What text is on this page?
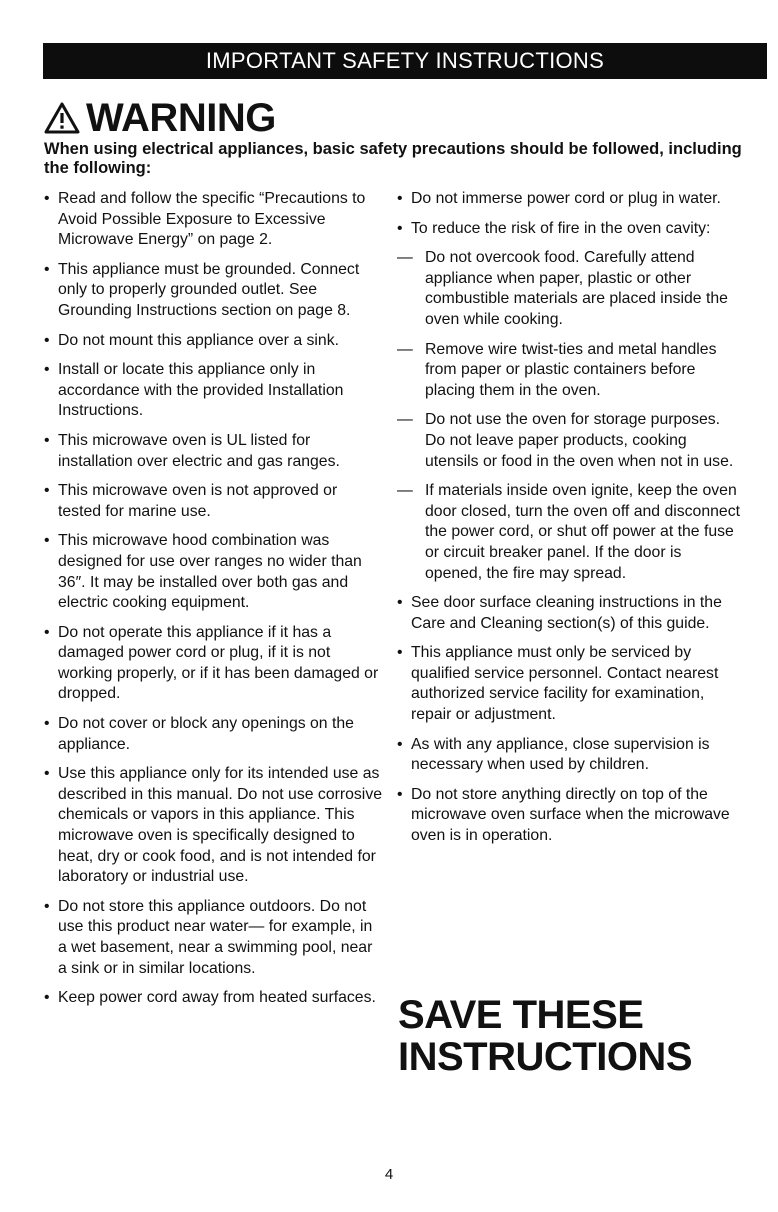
IMPORTANT SAFETY INSTRUCTIONS
WARNING
When using electrical appliances, basic safety precautions should be followed, including the following:
• Read and follow the specific “Precautions to Avoid Possible Exposure to Excessive Microwave Energy” on page 2.
• This appliance must be grounded. Connect only to properly grounded outlet. See Grounding Instructions section on page 8.
• Do not mount this appliance over a sink.
• Install or locate this appliance only in accordance with the provided Installation Instructions.
• This microwave oven is UL listed for installation over electric and gas ranges.
• This microwave oven is not approved or tested for marine use.
• This microwave hood combination was designed for use over ranges no wider than 36″. It may be installed over both gas and electric cooking equipment.
• Do not operate this appliance if it has a damaged power cord or plug, if it is not working properly, or if it has been damaged or dropped.
• Do not cover or block any openings on the appliance.
• Use this appliance only for its intended use as described in this manual. Do not use corrosive chemicals or vapors in this appliance. This microwave oven is specifically designed to heat, dry or cook food, and is not intended for laboratory or industrial use.
• Do not store this appliance outdoors. Do not use this product near water— for example, in a wet basement, near a swimming pool, near a sink or in similar locations.
• Keep power cord away from heated surfaces.
• Do not immerse power cord or plug in water.
• To reduce the risk of fire in the oven cavity:
— Do not overcook food. Carefully attend appliance when paper, plastic or other combustible materials are placed inside the oven while cooking.
— Remove wire twist-ties and metal handles from paper or plastic containers before placing them in the oven.
— Do not use the oven for storage purposes. Do not leave paper products, cooking utensils or food in the oven when not in use.
— If materials inside oven ignite, keep the oven door closed, turn the oven off and disconnect the power cord, or shut off power at the fuse or circuit breaker panel. If the door is opened, the fire may spread.
• See door surface cleaning instructions in the Care and Cleaning section(s) of this guide.
• This appliance must only be serviced by qualified service personnel. Contact nearest authorized service facility for examination, repair or adjustment.
• As with any appliance, close supervision is necessary when used by children.
• Do not store anything directly on top of the microwave oven surface when the microwave oven is in operation.
SAVE THESE
INSTRUCTIONS
4
